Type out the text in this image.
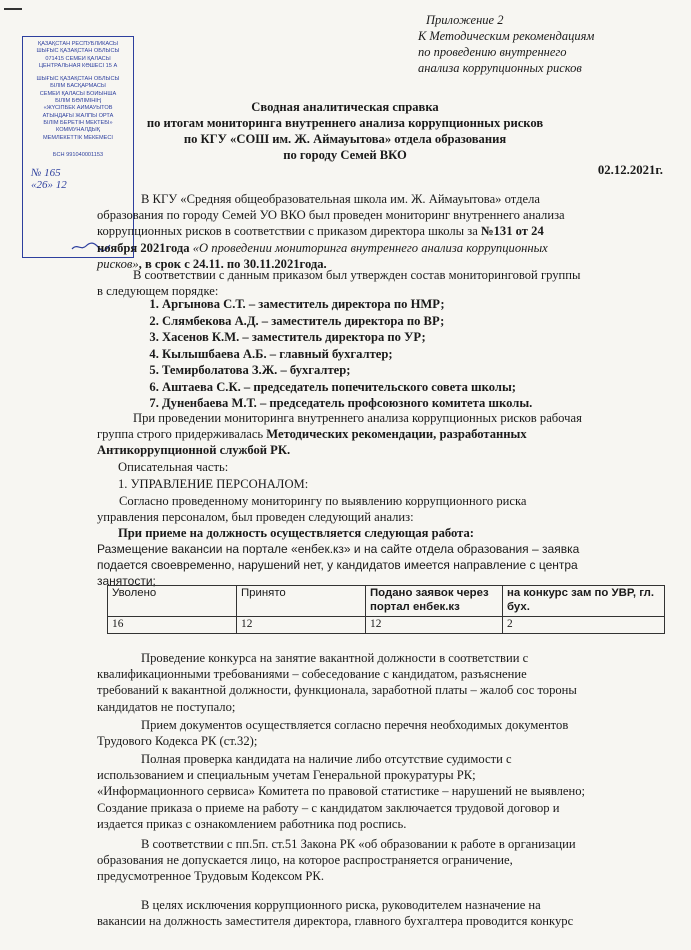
Приложение 2
К Методическим рекомендациям
по проведению внутреннего
анализа коррупционных рисков
ҚАЗАҚСТАН РЕСПУБЛИКАСЫ
ШЫҒЫС ҚАЗАҚСТАН ОБЛЫСЫ
071415 СЕМЕЙ ҚАЛАСЫ
ЦЕНТРАЛЬНАЯ КӨШЕСІ 15 А
ШЫҒЫС ҚАЗАҚСТАН ОБЛЫСЫ
БІЛІМ БАСҚАРМАСЫ
СЕМЕЙ ҚАЛАСЫ БОЙЫНША
БІЛІМ БӨЛІМІНІҢ
«ЖҮСІПБЕК АЙМАУЫТОВ
АТЫНДАҒЫ ЖАЛПЫ ОРТА
БІЛІМ БЕРЕТІН МЕКТЕБІ»
КОММУНАЛДЫҚ
МЕМЛЕКЕТТІК МЕКЕМЕСІ
БСН 991040001153
№ 165
«26» 12
Сводная аналитическая справка
по итогам мониторинга внутреннего анализа коррупционных рисков
по КГУ «СОШ им. Ж. Аймауытова» отдела образования
по городу Семей ВКО
02.12.2021г.
В КГУ «Средняя общеобразовательная школа им. Ж. Аймауытова» отдела
образования по городу Семей УО ВКО был проведен мониторинг внутреннего анализа
коррупционных рисков в соответствии с приказом директора школы за №131 от 24
ноября 2021года «О проведении мониторинга внутреннего анализа коррупционных
рисков», в срок с 24.11. по 30.11.2021года.
В соответствии с данным приказом был утвержден состав мониторинговой группы
в следующем порядке:
1. Аргынова С.Т. – заместитель директора по НМР;
2. Слямбекова А.Д. – заместитель директора по ВР;
3. Хасенов К.М. – заместитель директора по УР;
4. Кылышбаева А.Б. – главный бухгалтер;
5. Темирболатова З.Ж. – бухгалтер;
6. Аштаева С.К. – председатель попечительского совета школы;
7. Дуненбаева М.Т. – председатель профсоюзного комитета школы.
При проведении мониторинга внутреннего анализа коррупционных рисков рабочая
группа строго придерживалась Методических рекомендации, разработанных
Антикоррупционной службой РК.
Описательная часть:
1. УПРАВЛЕНИЕ ПЕРСОНАЛОМ:
Согласно проведенному мониторингу по выявлению коррупционного риска
управления персоналом, был проведен следующий анализ:
При приеме на должность осуществляется следующая работа:
Размещение вакансии на портале «енбек.кз» и на сайте отдела образования – заявка
подается своевременно, нарушений нет, у кандидатов имеется направление с центра
занятости;
Уволено	Принято	Подано заявок через портал енбек.кз	на конкурс зам по УВР, гл. бух.
16	12	12	2
Проведение конкурса на занятие вакантной должности в соответствии с
квалификационными требованиями – собеседование с кандидатом, разъяснение
требований к вакантной должности, функционала, заработной платы – жалоб сос тороны
кандидатов не поступало;
Прием документов осуществляется согласно перечня необходимых документов
Трудового Кодекса РК (ст.32);
Полная проверка кандидата на наличие либо отсутствие судимости с
использованием и специальным учетам Генеральной прокуратуры РК;
«Информационного сервиса» Комитета по правовой статистике – нарушений не выявлено;
Создание приказа о приеме на работу – с кандидатом заключается трудовой договор и
издается приказ с ознакомлением работника под роспись.
В соответствии с пп.5п. ст.51 Закона РК «об образовании к работе в организации
образования не допускается лицо, на которое распространяется ограничение,
предусмотренное Трудовым Кодексом РК.
В целях исключения коррупционного риска, руководителем назначение на
вакансии на должность заместителя директора, главного бухгалтера проводится конкурс
